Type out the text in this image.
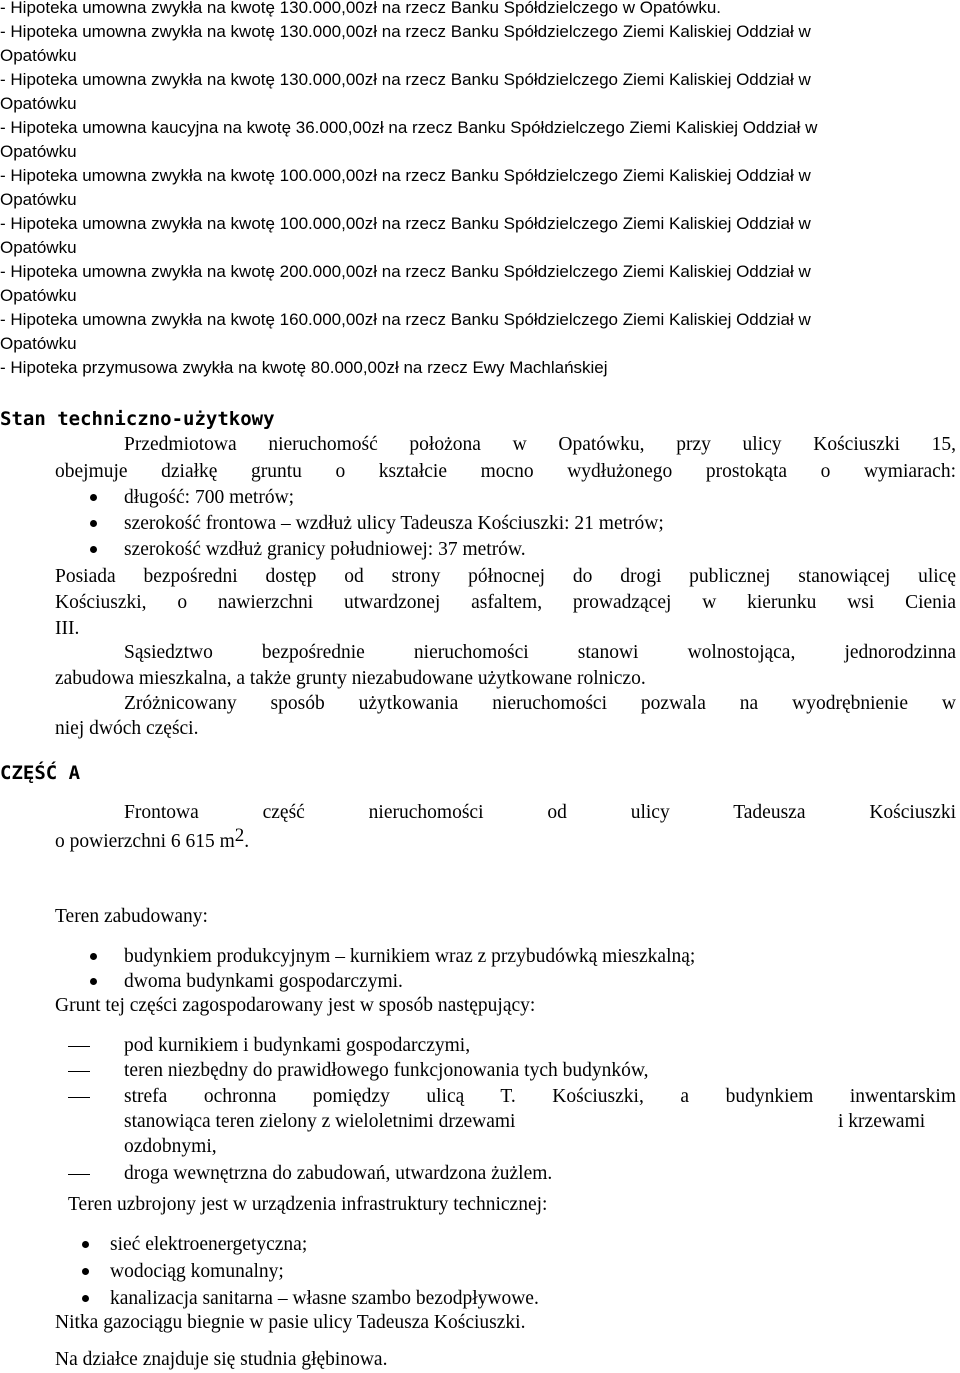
- Hipoteka umowna zwykła na kwotę 130.000,00zł na rzecz Banku Spółdzielczego w Opatówku.

- Hipoteka umowna zwykła na kwotę 130.000,00zł na rzecz Banku Spółdzielczego Ziemi Kaliskiej Oddział w

Opatówku

- Hipoteka umowna zwykła na kwotę 130.000,00zł na rzecz Banku Spółdzielczego Ziemi Kaliskiej Oddział w

Opatówku

- Hipoteka umowna kaucyjna na kwotę 36.000,00zł na rzecz Banku Spółdzielczego Ziemi Kaliskiej Oddział w

Opatówku

- Hipoteka umowna zwykła na kwotę 100.000,00zł na rzecz Banku Spółdzielczego Ziemi Kaliskiej Oddział w

Opatówku

- Hipoteka umowna zwykła na kwotę 100.000,00zł na rzecz Banku Spółdzielczego Ziemi Kaliskiej Oddział w

Opatówku

- Hipoteka umowna zwykła na kwotę 200.000,00zł na rzecz Banku Spółdzielczego Ziemi Kaliskiej Oddział w

Opatówku

- Hipoteka umowna zwykła na kwotę 160.000,00zł na rzecz Banku Spółdzielczego Ziemi Kaliskiej Oddział w

Opatówku

- Hipoteka przymusowa zwykła na kwotę 80.000,00zł na rzecz Ewy Machlańskiej

Stan techniczno-użytkowy

Przedmiotowa nieruchomość położona w Opatówku, przy ulicy Kościuszki 15,

obejmuje działkę gruntu o kształcie mocno wydłużonego prostokąta o wymiarach:

długość: 700 metrów;

szerokość frontowa – wzdłuż ulicy Tadeusza Kościuszki: 21 metrów;

szerokość wzdłuż granicy południowej: 37 metrów.

Posiada bezpośredni dostęp od strony północnej do drogi publicznej stanowiącej ulicę

Kościuszki, o nawierzchni utwardzonej asfaltem, prowadzącej w kierunku wsi Cienia

III.

Sąsiedztwo bezpośrednie nieruchomości stanowi wolnostojąca, jednorodzinna

zabudowa mieszkalna, a także grunty niezabudowane użytkowane rolniczo.

Zróżnicowany sposób użytkowania nieruchomości pozwala na wyodrębnienie w

niej dwóch części.

CZĘŚĆ A

Frontowa część nieruchomości od ulicy Tadeusza Kościuszki

o powierzchni 6 615 $m^2$.

Teren zabudowany:

budynkiem produkcyjnym – kurnikiem wraz z przybudówką mieszkalną;

dwoma budynkami gospodarczymi.

Grunt tej części zagospodarowany jest w sposób następujący:

pod kurnikiem i budynkami gospodarczymi,

teren niezbędny do prawidłowego funkcjonowania tych budynków,

strefa ochronna pomiędzy ulicą T. Kościuszki, a budynkiem inwentarskim

stanowiąca teren zielony z wieloletnimi drzewami	i krzewami

ozdobnymi,

droga wewnętrzna do zabudowań, utwardzona żużlem.

Teren uzbrojony jest w urządzenia infrastruktury technicznej:

sieć elektroenergetyczna;

wodociąg komunalny;

kanalizacja sanitarna – własne szambo bezodpływowe.

Nitka gazociągu biegnie w pasie ulicy Tadeusza Kościuszki.

Na działce znajduje się studnia głębinowa.
